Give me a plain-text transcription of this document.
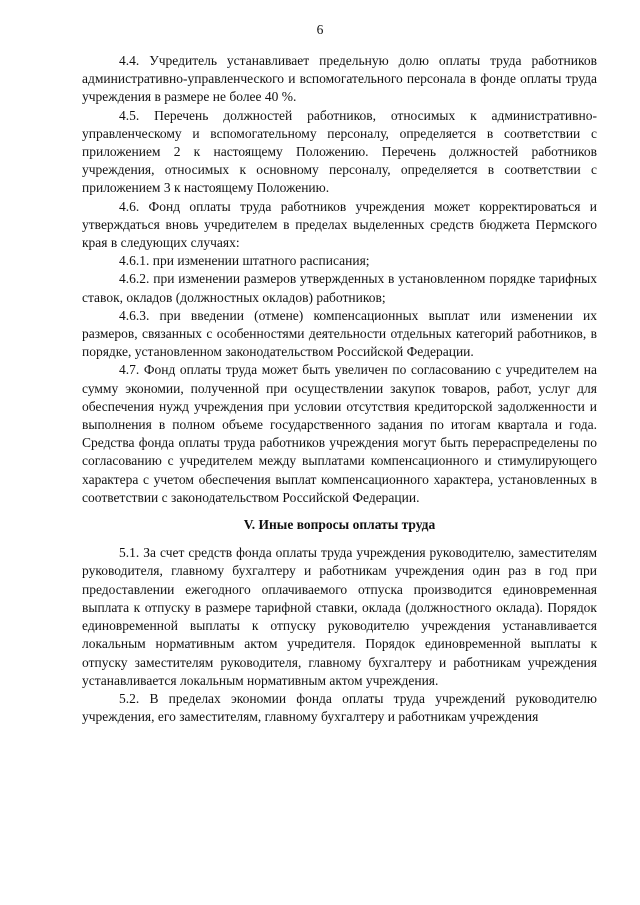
6

4.4. Учредитель устанавливает предельную долю оплаты труда работников административно-управленческого и вспомогательного персонала в фонде оплаты труда учреждения в размере не более 40 %.

4.5. Перечень должностей работников, относимых к административно-управленческому и вспомогательному персоналу, определяется в соответствии с приложением 2 к настоящему Положению. Перечень должностей работников учреждения, относимых к основному персоналу, определяется в соответствии с приложением 3 к настоящему Положению.

4.6. Фонд оплаты труда работников учреждения может корректироваться и утверждаться вновь учредителем в пределах выделенных средств бюджета Пермского края в следующих случаях:

4.6.1. при изменении штатного расписания;

4.6.2. при изменении размеров утвержденных в установленном порядке тарифных ставок, окладов (должностных окладов) работников;

4.6.3. при введении (отмене) компенсационных выплат или изменении их размеров, связанных с особенностями деятельности отдельных категорий работников, в порядке, установленном законодательством Российской Федерации.

4.7. Фонд оплаты труда может быть увеличен по согласованию с учредителем на сумму экономии, полученной при осуществлении закупок товаров, работ, услуг для обеспечения нужд учреждения при условии отсутствия кредиторской задолженности и выполнения в полном объеме государственного задания по итогам квартала и года. Средства фонда оплаты труда работников учреждения могут быть перераспределены по согласованию с учредителем между выплатами компенсационного и стимулирующего характера с учетом обеспечения выплат компенсационного характера, установленных в соответствии с законодательством Российской Федерации.

V. Иные вопросы оплаты труда

5.1. За счет средств фонда оплаты труда учреждения руководителю, заместителям руководителя, главному бухгалтеру и работникам учреждения один раз в год при предоставлении ежегодного оплачиваемого отпуска производится единовременная выплата к отпуску в размере тарифной ставки, оклада (должностного оклада). Порядок единовременной выплаты к отпуску руководителю учреждения устанавливается локальным нормативным актом учредителя. Порядок единовременной выплаты к отпуску заместителям руководителя, главному бухгалтеру и работникам учреждения устанавливается локальным нормативным актом учреждения.

5.2. В пределах экономии фонда оплаты труда учреждений руководителю учреждения, его заместителям, главному бухгалтеру и работникам учреждения
